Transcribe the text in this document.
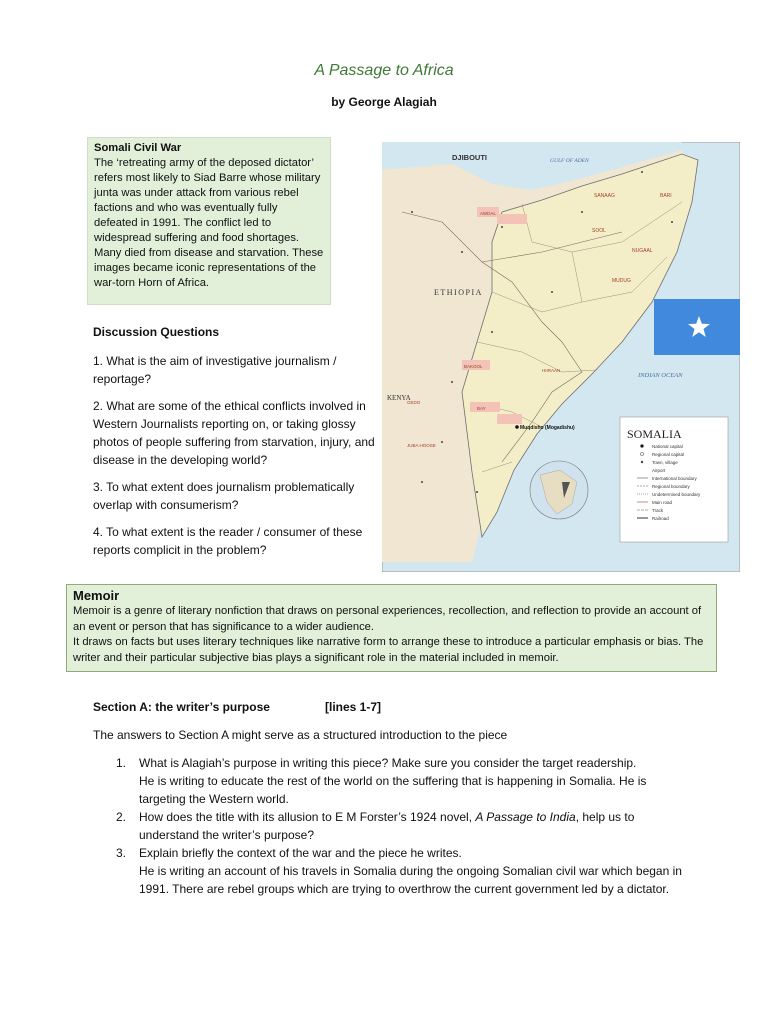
A Passage to Africa
by George Alagiah
Somali Civil War
The ‘retreating army of the deposed dictator’ refers most likely to Siad Barre whose military junta was under attack from various rebel factions and who was eventually fully defeated in 1991. The conflict led to widespread suffering and food shortages. Many died from disease and starvation. These images became iconic representations of the war-torn Horn of Africa.
Discussion Questions

1. What is the aim of investigative journalism / reportage?

2. What are some of the ethical conflicts involved in Western Journalists reporting on, or taking glossy photos of people suffering from starvation, injury, and disease in the developing world?

3. To what extent does journalism problematically overlap with consumerism?

4. To what extent is the reader / consumer of these reports complicit in the problem?

DJIBOUTI
ETHIOPIA
KENYA
GULF OF ADEN
INDIAN OCEAN
SANAAG	BARI
SOOL
NUGAAL
MUDUG
AWDAL
HIIRAAN
BAKOOL
GEDO
BAY
JUBA HOOSE
Muqdisho (Mogadishu)	SOMALIA
National capital
Regional capital
Town, village
Airport
International boundary
Regional boundary
Undetermined boundary
Main road
Track
Railroad
Memoir
Memoir is a genre of literary nonfiction that draws on personal experiences, recollection, and reflection to provide an account of an event or person that has significance to a wider audience.
It draws on facts but uses literary techniques like narrative form to arrange these to introduce a particular emphasis or bias. The writer and their particular subjective bias plays a significant role in the material included in memoir.
Section A: the writer’s purpose	[lines 1-7]
The answers to Section A might serve as a structured introduction to the piece
1. What is Alagiah’s purpose in writing this piece? Make sure you consider the target readership.
He is writing to educate the rest of the world on the suffering that is happening in Somalia. He is targeting the Western world.
2. How does the title with its allusion to E M Forster’s 1924 novel, A Passage to India, help us to understand the writer’s purpose?
3. Explain briefly the context of the war and the piece he writes.
He is writing an account of his travels in Somalia during the ongoing Somalian civil war which began in 1991. There are rebel groups which are trying to overthrow the current government led by a dictator.
